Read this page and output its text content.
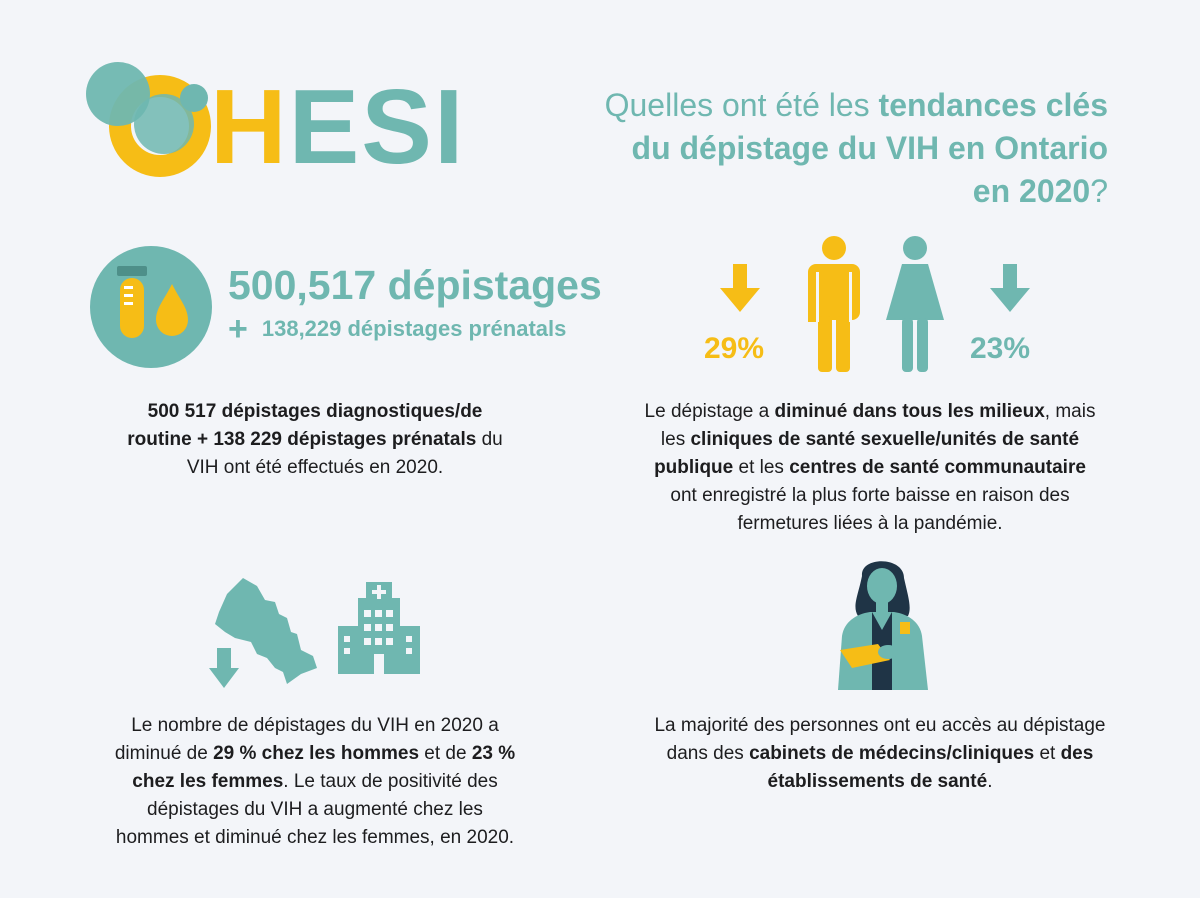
HESI	Quelles ont été les tendances clés
du dépistage du VIH en Ontario
en 2020?
500,517 dépistages
+ 138,229 dépistages prénatals
500 517 dépistages diagnostiques/de
routine + 138 229 dépistages prénatals du
VIH ont été effectués en 2020.
29%	23%
Le dépistage a diminué dans tous les milieux, mais
les cliniques de santé sexuelle/unités de santé
publique et les centres de santé communautaire
ont enregistré la plus forte baisse en raison des
fermetures liées à la pandémie.
Le nombre de dépistages du VIH en 2020 a
diminué de 29 % chez les hommes et de 23 %
chez les femmes. Le taux de positivité des
dépistages du VIH a augmenté chez les
hommes et diminué chez les femmes, en 2020.
La majorité des personnes ont eu accès au dépistage
dans des cabinets de médecins/cliniques et des
établissements de santé.
